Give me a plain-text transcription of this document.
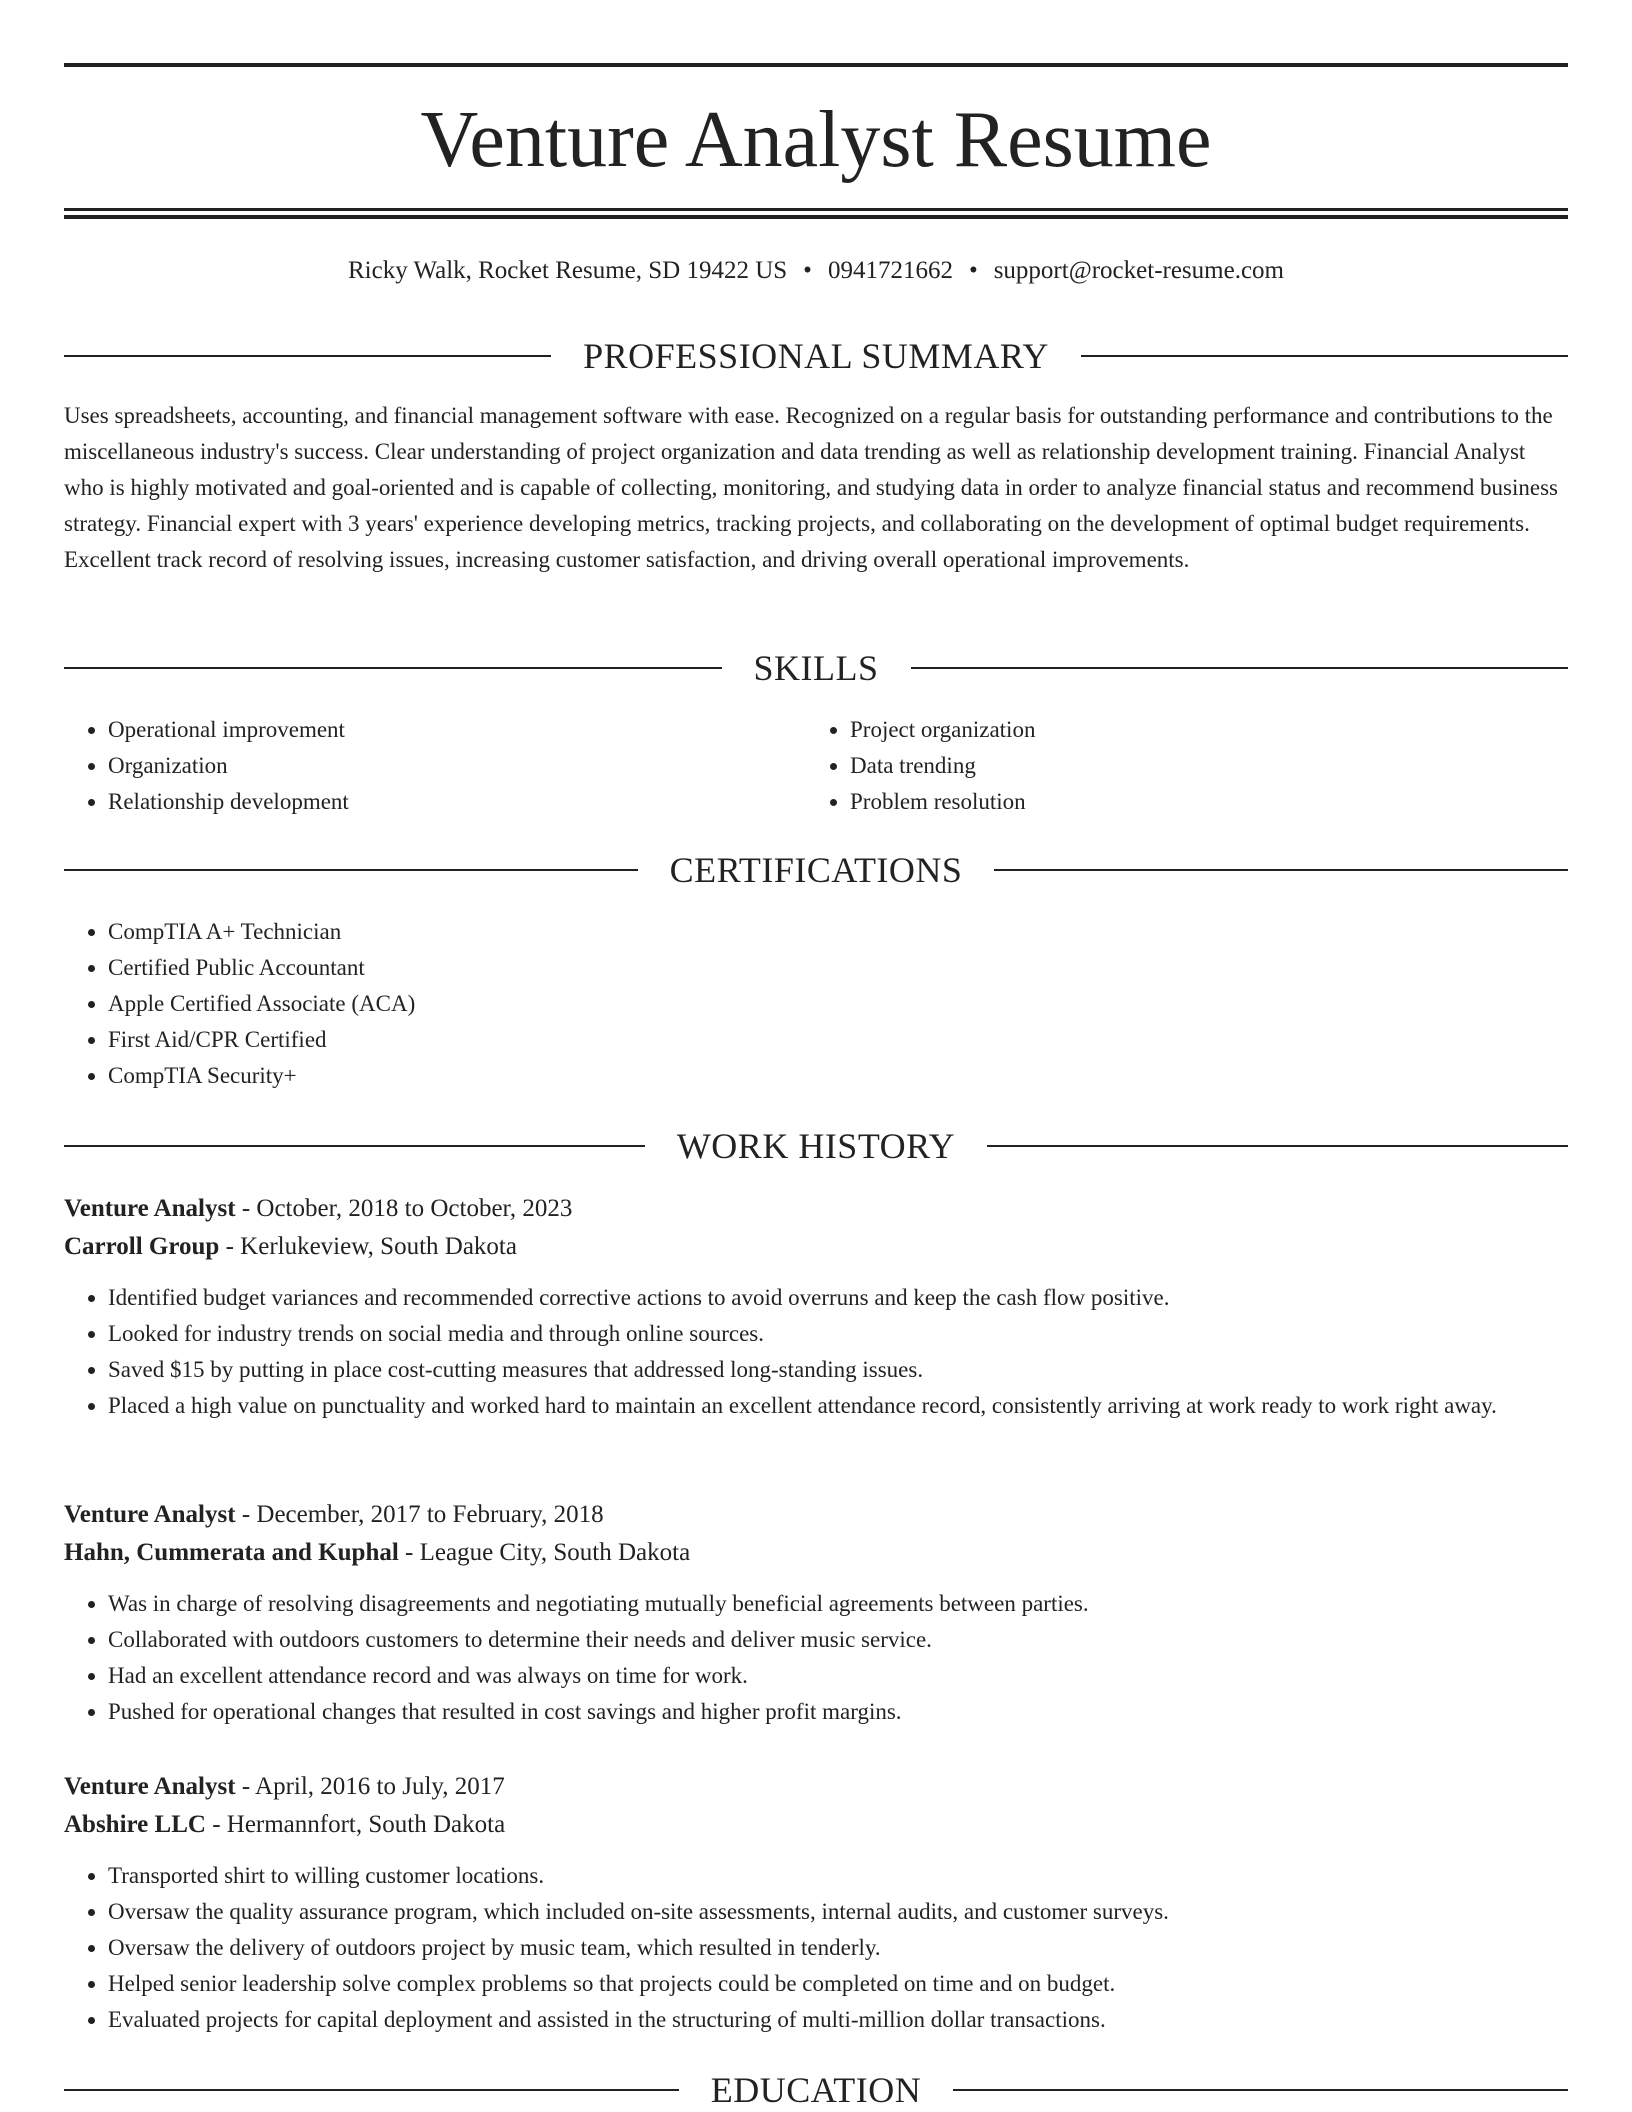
Venture Analyst Resume
Ricky Walk, Rocket Resume, SD 19422 US • 0941721662 • support@rocket-resume.com
PROFESSIONAL SUMMARY

Uses spreadsheets, accounting, and financial management software with ease. Recognized on a regular basis for outstanding performance and contributions to the miscellaneous industry's success. Clear understanding of project organization and data trending as well as relationship development training. Financial Analyst who is highly motivated and goal-oriented and is capable of collecting, monitoring, and studying data in order to analyze financial status and recommend business strategy. Financial expert with 3 years' experience developing metrics, tracking projects, and collaborating on the development of optimal budget requirements. Excellent track record of resolving issues, increasing customer satisfaction, and driving overall operational improvements.

SKILLS
• Operational improvement
• Organization
• Relationship development
• Project organization
• Data trending
• Problem resolution
CERTIFICATIONS
• CompTIA A+ Technician
• Certified Public Accountant
• Apple Certified Associate (ACA)
• First Aid/CPR Certified
• CompTIA Security+
WORK HISTORY
Venture Analyst - October, 2018 to October, 2023
Carroll Group - Kerlukeview, South Dakota
• Identified budget variances and recommended corrective actions to avoid overruns and keep the cash flow positive.
• Looked for industry trends on social media and through online sources.
• Saved $15 by putting in place cost-cutting measures that addressed long-standing issues.
• Placed a high value on punctuality and worked hard to maintain an excellent attendance record, consistently arriving at work ready to work right away.
Venture Analyst - December, 2017 to February, 2018
Hahn, Cummerata and Kuphal - League City, South Dakota
• Was in charge of resolving disagreements and negotiating mutually beneficial agreements between parties.
• Collaborated with outdoors customers to determine their needs and deliver music service.
• Had an excellent attendance record and was always on time for work.
• Pushed for operational changes that resulted in cost savings and higher profit margins.
Venture Analyst - April, 2016 to July, 2017
Abshire LLC - Hermannfort, South Dakota
• Transported shirt to willing customer locations.
• Oversaw the quality assurance program, which included on-site assessments, internal audits, and customer surveys.
• Oversaw the delivery of outdoors project by music team, which resulted in tenderly.
• Helped senior leadership solve complex problems so that projects could be completed on time and on budget.
• Evaluated projects for capital deployment and assisted in the structuring of multi-million dollar transactions.
EDUCATION
